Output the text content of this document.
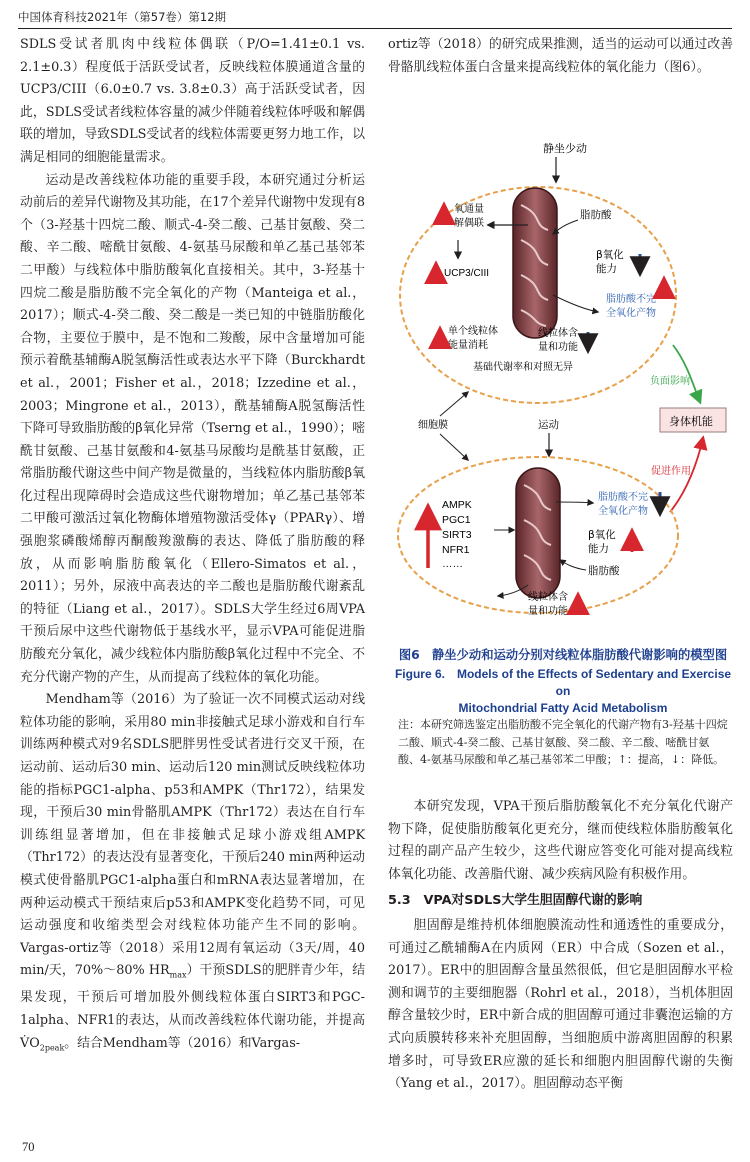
中国体育科技2021年（第57卷）第12期

SDLS受试者肌肉中线粒体偶联（P/O=1.41±0.1 vs. 2.1±0.3）程度低于活跃受试者，反映线粒体膜通道含量的UCP3/CIII（6.0±0.7 vs. 3.8±0.3）高于活跃受试者，因此，SDLS受试者线粒体容量的减少伴随着线粒体呼吸和解偶联的增加，导致SDLS受试者的线粒体需要更努力地工作，以满足相同的细胞能量需求。

运动是改善线粒体功能的重要手段，本研究通过分析运动前后的差异代谢物及其功能，在17个差异代谢物中发现有8个（3-羟基十四烷二酸、顺式-4-癸二酸、己基甘氨酸、癸二酸、辛二酸、嘧酰甘氨酸、4-氨基马尿酸和单乙基己基邻苯二甲酸）与线粒体中脂肪酸氧化直接相关。其中，3-羟基十四烷二酸是脂肪酸不完全氧化的产物（Manteiga et al.，2017）；顺式-4-癸二酸、癸二酸是一类已知的中链脂肪酸化合物，主要位于膜中，是不饱和二羧酸，尿中含量增加可能预示着酰基辅酶A脱氢酶活性或表达水平下降（Burckhardt et al.，2001；Fisher et al.，2018；Izzedine et al.，2003；Mingrone et al.，2013），酰基辅酶A脱氢酶活性下降可导致脂肪酸的β氧化异常（Tserng et al.，1990）；嘧酰甘氨酸、己基甘氨酸和4-氨基马尿酸均是酰基甘氨酸，正常脂肪酸代谢这些中间产物是微量的，当线粒体内脂肪酸β氧化过程出现障碍时会造成这些代谢物增加；单乙基己基邻苯二甲酸可激活过氧化物酶体增殖物激活受体γ（PPARγ）、增强胞浆磷酸烯醇丙酮酸羧激酶的表达、降低了脂肪酸的释放，从而影响脂肪酸氧化（Ellero-Simatos et al.，2011）；另外，尿液中高表达的辛二酸也是脂肪酸代谢紊乱的特征（Liang et al.，2017）。SDLS大学生经过6周VPA干预后尿中这些代谢物低于基线水平，显示VPA可能促进脂肪酸充分氧化，减少线粒体内脂肪酸β氧化过程中不完全、不充分代谢产物的产生，从而提高了线粒体的氧化功能。

Mendham等（2016）为了验证一次不同模式运动对线粒体功能的影响，采用80 min非接触式足球小游戏和自行车训练两种模式对9名SDLS肥胖男性受试者进行交叉干预，在运动前、运动后30 min、运动后120 min测试反映线粒体功能的指标PGC1-alpha、p53和AMPK（Thr172），结果发现，干预后30 min骨骼肌AMPK（Thr172）表达在自行车训练组显著增加，但在非接触式足球小游戏组AMPK（Thr172）的表达没有显著变化，干预后240 min两种运动模式使骨骼肌PGC1-alpha蛋白和mRNA表达显著增加，在两种运动模式干预结束后p53和AMPK变化趋势不同，可见运动强度和收缩类型会对线粒体功能产生不同的影响。Vargas-ortiz等（2018）采用12周有氧运动（3天/周，40 min/天，70%～80% $HR_{max}$）干预SDLS的肥胖青少年，结果发现，干预后可增加股外侧线粒体蛋白SIRT3和PGC-1alpha、NFR1的表达，从而改善线粒体代谢功能，并提高$V̇O_{2peak}$。结合Mendham等（2016）和Vargas-

ortiz等（2018）的研究成果推测，适当的运动可以通过改善骨骼肌线粒体蛋白含量来提高线粒体的氧化能力（图6）。

静坐少动
脂肪酸
氧通量
解偶联
β氧化
能力
UCP3/CIII
脂肪酸不完
全氧化产物
单个线粒体
能量消耗
线粒体含
量和功能
基础代谢率和对照无异
负面影响
身体机能
细胞膜	运动
促进作用
脂肪酸不完
全氧化产物
AMPK
PGC1
SIRT3
NFR1
……
β氧化
能力
脂肪酸
线粒体含
量和功能
图6　静坐少动和运动分别对线粒体脂肪酸代谢影响的模型图
Figure 6.　Models of the Effects of Sedentary and Exercise on
Mitochondrial Fatty Acid Metabolism
注：本研究筛选鉴定出脂肪酸不完全氧化的代谢产物有3-羟基十四烷二酸、顺式-4-癸二酸、己基甘氨酸、癸二酸、辛二酸、嘧酰甘氨酸、4-氨基马尿酸和单乙基己基邻苯二甲酸；↑：提高，↓：降低。

本研究发现，VPA干预后脂肪酸氧化不充分氧化代谢产物下降，促使脂肪酸氧化更充分，继而使线粒体脂肪酸氧化过程的副产品产生较少，这些代谢应答变化可能对提高线粒体氧化功能、改善脂代谢、减少疾病风险有积极作用。

5.3　VPA对SDLS大学生胆固醇代谢的影响

胆固醇是维持机体细胞膜流动性和通透性的重要成分，可通过乙酰辅酶A在内质网（ER）中合成（Sozen et al.，2017）。ER中的胆固醇含量虽然很低，但它是胆固醇水平检测和调节的主要细胞器（Rohrl et al.，2018），当机体胆固醇含量较少时，ER中新合成的胆固醇可通过非囊泡运输的方式向质膜转移来补充胆固醇，当细胞质中游离胆固醇的积累增多时，可导致ER应激的延长和细胞内胆固醇代谢的失衡（Yang et al.，2017）。胆固醇动态平衡

70
